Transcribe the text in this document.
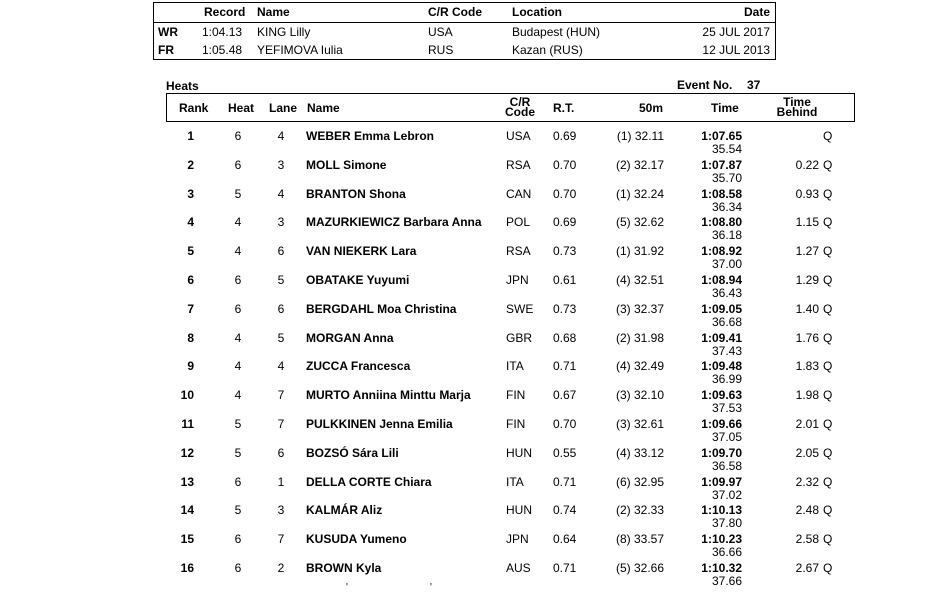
Record Name	C/R Code	Location	Date
WR 1:04.13 KING Lilly	USA	Budapest (HUN)	25 JUL 2017
FR 1:05.48 YEFIMOVA Iulia	RUS	Kazan (RUS)	12 JUL 2013
Heats	Event No. 37
Rank Heat Lane Name	C/R
Code R.T.	50m	Time	Time
Behind
1	6	4 WEBER Emma Lebron	USA 0.69	(1) 32.11	1:07.65	Q
35.54
2	6	3 MOLL Simone	RSA 0.70	(2) 32.17	1:07.87	0.22 Q
35.70
3	5	4 BRANTON Shona	CAN 0.70	(1) 32.24	1:08.58	0.93 Q
36.34
4	4	3 MAZURKIEWICZ Barbara Anna POL 0.69	(5) 32.62	1:08.80	1.15 Q
36.18
5	4	6 VAN NIEKERK Lara	RSA 0.73	(1) 31.92	1:08.92	1.27 Q
37.00
6	6	5 OBATAKE Yuyumi	JPN 0.61	(4) 32.51	1:08.94	1.29 Q
36.43
7	6	6 BERGDAHL Moa Christina	SWE 0.73	(3) 32.37	1:09.05	1.40 Q
36.68
8	4	5 MORGAN Anna	GBR 0.68	(2) 31.98	1:09.41	1.76 Q
37.43
9	4	4 ZUCCA Francesca	ITA 0.71	(4) 32.49	1:09.48	1.83 Q
36.99
10	4	7 MURTO Anniina Minttu Marja	FIN 0.67	(3) 32.10	1:09.63	1.98 Q
37.53
11	5	7 PULKKINEN Jenna Emilia	FIN 0.70	(3) 32.61	1:09.66	2.01 Q
37.05
12	5	6 BOZSÓ Sára Lili	HUN 0.55	(4) 33.12	1:09.70	2.05 Q
36.58
13	6	1 DELLA CORTE Chiara	ITA 0.71	(6) 32.95	1:09.97	2.32 Q
37.02
14	5	3 KALMÁR Aliz	HUN 0.74	(2) 32.33	1:10.13	2.48 Q
37.80
15	6	7 KUSUDA Yumeno	JPN 0.64	(8) 33.57	1:10.23	2.58 Q
36.66
16	6	2 BROWN Kyla	AUS 0.71	(5) 32.66	1:10.32	2.67 Q
37.66
'	'
